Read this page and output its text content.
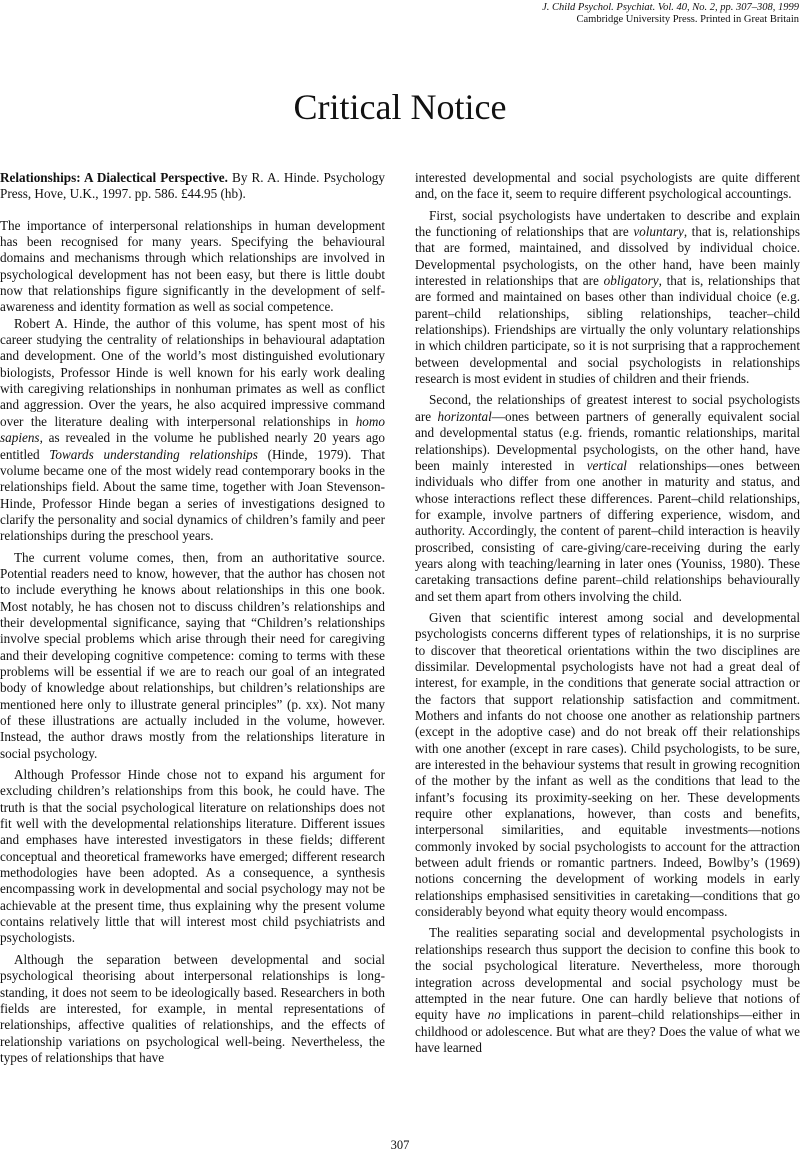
J. Child Psychol. Psychiat. Vol. 40, No. 2, pp. 307–308, 1999
Cambridge University Press. Printed in Great Britain
Critical Notice

Relationships: A Dialectical Perspective. By R. A. Hinde. Psychology Press, Hove, U.K., 1997. pp. 586. £44.95 (hb).

The importance of interpersonal relationships in human development has been recognised for many years. Specifying the behavioural domains and mechanisms through which relationships are involved in psychological development has not been easy, but there is little doubt now that relationships figure significantly in the development of self-awareness and identity formation as well as social competence.

Robert A. Hinde, the author of this volume, has spent most of his career studying the centrality of relationships in behavioural adaptation and development. One of the world’s most distinguished evolutionary biologists, Professor Hinde is well known for his early work dealing with caregiving relationships in nonhuman primates as well as conflict and aggression. Over the years, he also acquired impressive command over the literature dealing with interpersonal relationships in homo sapiens, as revealed in the volume he published nearly 20 years ago entitled Towards understanding relationships (Hinde, 1979). That volume became one of the most widely read contemporary books in the relationships field. About the same time, together with Joan Stevenson-Hinde, Professor Hinde began a series of investigations designed to clarify the personality and social dynamics of children’s family and peer relationships during the preschool years.

The current volume comes, then, from an authoritative source. Potential readers need to know, however, that the author has chosen not to include everything he knows about relationships in this one book. Most notably, he has chosen not to discuss children’s relationships and their developmental significance, saying that “Children’s relationships involve special problems which arise through their need for caregiving and their developing cognitive competence: coming to terms with these problems will be essential if we are to reach our goal of an integrated body of knowledge about relationships, but children’s relationships are mentioned here only to illustrate general principles” (p. xx). Not many of these illustrations are actually included in the volume, however. Instead, the author draws mostly from the relationships literature in social psychology.

Although Professor Hinde chose not to expand his argument for excluding children’s relationships from this book, he could have. The truth is that the social psychological literature on relationships does not fit well with the developmental relationships literature. Different issues and emphases have interested investigators in these fields; different conceptual and theoretical frameworks have emerged; different research methodologies have been adopted. As a consequence, a synthesis encompassing work in developmental and social psychology may not be achievable at the present time, thus explaining why the present volume contains relatively little that will interest most child psychiatrists and psychologists.

Although the separation between developmental and social psychological theorising about interpersonal relationships is long-standing, it does not seem to be ideologically based. Researchers in both fields are interested, for example, in mental representations of relationships, affective qualities of relationships, and the effects of relationship variations on psychological well-being. Nevertheless, the types of relationships that have

interested developmental and social psychologists are quite different and, on the face it, seem to require different psychological accountings.

First, social psychologists have undertaken to describe and explain the functioning of relationships that are voluntary, that is, relationships that are formed, maintained, and dissolved by individual choice. Developmental psychologists, on the other hand, have been mainly interested in relationships that are obligatory, that is, relationships that are formed and maintained on bases other than individual choice (e.g. parent–child relationships, sibling relationships, teacher–child relationships). Friendships are virtually the only voluntary relationships in which children participate, so it is not surprising that a rapprochement between developmental and social psychologists in relationships research is most evident in studies of children and their friends.

Second, the relationships of greatest interest to social psychologists are horizontal—ones between partners of generally equivalent social and developmental status (e.g. friends, romantic relationships, marital relationships). Developmental psychologists, on the other hand, have been mainly interested in vertical relationships—ones between individuals who differ from one another in maturity and status, and whose interactions reflect these differences. Parent–child relationships, for example, involve partners of differing experience, wisdom, and authority. Accordingly, the content of parent–child interaction is heavily proscribed, consisting of care-giving/care-receiving during the early years along with teaching/learning in later ones (Youniss, 1980). These caretaking transactions define parent–child relationships behaviourally and set them apart from others involving the child.

Given that scientific interest among social and developmental psychologists concerns different types of relationships, it is no surprise to discover that theoretical orientations within the two disciplines are dissimilar. Developmental psychologists have not had a great deal of interest, for example, in the conditions that generate social attraction or the factors that support relationship satisfaction and commitment. Mothers and infants do not choose one another as relationship partners (except in the adoptive case) and do not break off their relationships with one another (except in rare cases). Child psychologists, to be sure, are interested in the behaviour systems that result in growing recognition of the mother by the infant as well as the conditions that lead to the infant’s focusing its proximity-seeking on her. These developments require other explanations, however, than costs and benefits, interpersonal similarities, and equitable investments—notions commonly invoked by social psychologists to account for the attraction between adult friends or romantic partners. Indeed, Bowlby’s (1969) notions concerning the development of working models in early relationships emphasised sensitivities in caretaking—conditions that go considerably beyond what equity theory would encompass.

The realities separating social and developmental psychologists in relationships research thus support the decision to confine this book to the social psychological literature. Nevertheless, more thorough integration across developmental and social psychology must be attempted in the near future. One can hardly believe that notions of equity have no implications in parent–child relationships—either in childhood or adolescence. But what are they? Does the value of what we have learned

307
